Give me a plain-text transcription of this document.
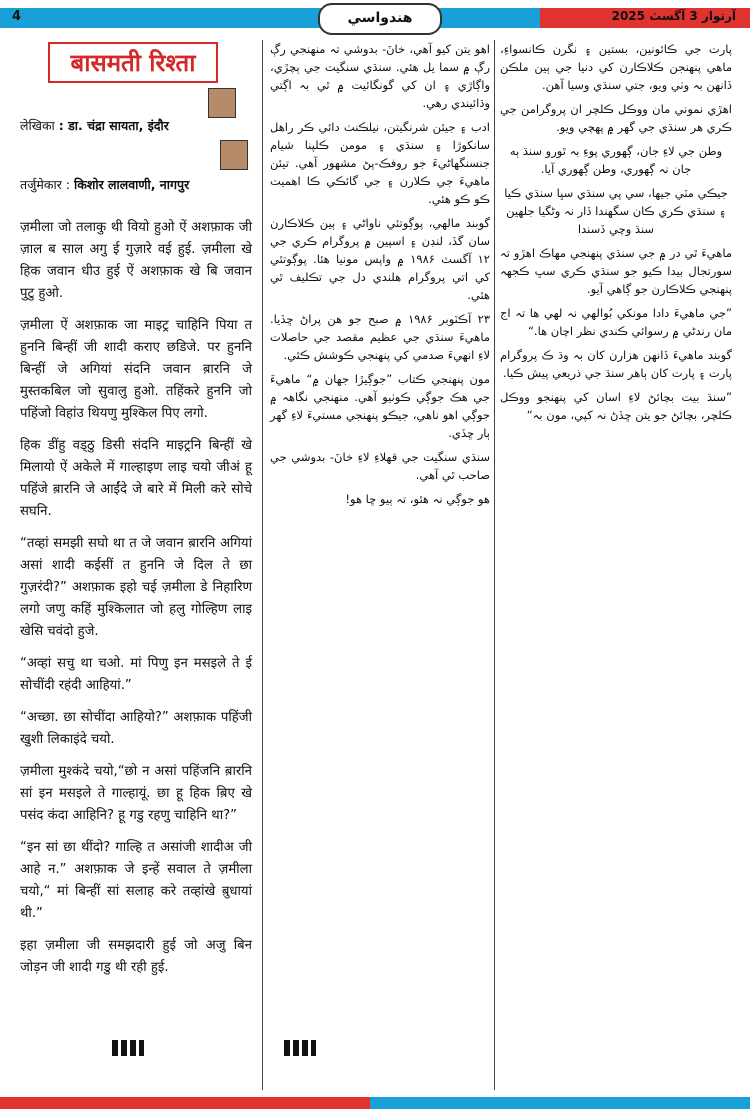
4	هندواسي	آرتوار 3 آگسٽ 2025
बासमती रिश्ता
लेखिका : डा. चंद्रा सायता, इंदौर
तर्जुमेकार : किशोर लालवाणी, नागपुर
ज़मीला जो तलाकु थी वियो हुओ ऐं अशफ़ाक जी ज़ाल ब साल अगु ई गुज़ारे वई हुई. ज़मीला खे हिक जवान धीउ हुई ऐं अशफ़ाक खे बि जवान पुटु हुओ.
ज़मीला ऐं अशफ़ाक जा माइट्र चाहिनि पिया त हुननि बिन्हीं जी शादी कराए छडिजे. पर हुननि बिन्हीं जे अगियां संदनि जवान ब़ारनि जे मुस्तकबिल जो सुवालु हुओ. तहिंकरे हुननि जो पहिंजो विहांउ थियणु मुश्किल पिए लगो.
हिक डींहु वड्ठु डिसी संदनि माइट्रनि बिन्हीं खे मिलायो ऐं अकेले में गाल्हाइण लाइ चयो जीअं हू पहिंजे ब़ारनि जे आईंदे जे बारे में मिली करे सोचे सघनि.
“तव्हां समझी सघो था त जे जवान ब़ारनि अगियां असां शादी कईसीं त हुननि जे दिल ते छा गुज़रंदी?” अशफ़ाक इहो चई ज़मीला डे निहारिण लगो जणु कहिं मुश्किलात जो हलु गोल्हिण लाइ खेसि चवंदो हुजे.
“अव्हां सचु था चओ. मां पिणु इन मसइले ते ई सोचींदी रहंदी आहियां.”
“अच्छा. छा सोचींदा आहियो?” अशफ़ाक पहिंजी खुशी लिकाइंदे चयो.
ज़मीला मुश्कंदे चयो,“छो न असां पहिंजनि ब़ारनि सां इन मसइले ते गाल्हायूं. छा हू हिक ब़िए खे पसंद कंदा आहिनि? हू गडु रहणु चाहिनि था?”
“इन सां छा थींदो? गाल्हि त असांजी शादीअ जी आहे न.” अशफ़ाक जे इन्हें सवाल ते ज़मीला चयो,“ मां बिन्हीं सां सलाह करे तव्हांखे ब़ुधायां थी.”
इहा ज़मीला जी समझदारी हुई जो अजु बिन जोड़न जी शादी गडु थी रही हुई.

اهو يتن كيو آهي، خانَ- بدوشي تہ منهنجي رڳ رڳ ۾ سما يل هئي. سنڌي سنگيت جي ٻچڙي، واڳاڙي ۽ ان کي گونگائيت ۾ ٿي بہ اڳتي وڌائيندي رهي.

ادب ۽ جيئن شرنگيتن، نيلڪنٺ دائي ڪر راهل سانکوڙا ۽ سنڌي ۽ مومن ڪلپنا شيام جنسنگهاڻيءَ جو روفڪ-پڻ مشهور آهي. تيئن ماهيءَ جي ڪلارن ۽ جي گائڪي ڪا اهميت ڪو ڪو هئي.

گوبند مالهي، پوڳوتئي ناواڻي ۽ ٻين ڪلاڪارن سان گڏ، لنڊن ۽ اسپين ۾ پروگرام ڪري جي ۱۲ آگسٽ ۱۹۸۶ ۾ واپس مونيا هئا. پوڳوتئي کي اتي پروگرام هلندي دل جي تڪليف ٿي هئي.

۲۳ آڪٽوبر ۱۹۸۶ ۾ صبح جو هن پراڻ ڇڏيا. ماهيءَ سنڌي جي عظيم مقصد جي حاصلات لاءِ انهيءَ صدمي کي پنهنجي ڪوشش ڪئي.

مون پنهنجي ڪتاب ”جوڳيڙا جهان ۾“ ماهيءَ جي هڪ جوڳي ڪوٺيو آهي. منهنجي نگاهہ ۾ جوڳي اهو ناهي، جيڪو پنهنجي مستيءَ لاءِ گهر ٻار ڇڏي.

سنڌي سنگيت جي قهلاءِ لاءِ خانَ- بدوشي جي صاحب ٿي آهي.

هو جوڳي نہ هئو، تہ ٻيو ڇا هو!

پارت جي ڪائونين، بستين ۽ نگرن ڪانسواءِ، ماهي پنهنجن ڪلاڪارن کي دنيا جي ٻين ملڪن ڏانهن بہ وٺي ويو، جتي سنڌي وسيا آهن.

اهڙي نموني مان ووڪل ڪلچر ان پروگرامن جي ڪري هر سنڌي جي گهر ۾ پهچي ويو.

وطن جي لاءِ جان، ڳهوري پوءِ بہ ٿورو سنڌ ٻه جان نہ ڳهوري، وطن ڳهوري آيا.

جيڪي مٽي جيها، سي پي سنڌي سڀا سنڌي ڪيا ۽ سنڌي ڪري ڪان سگهندا ڏار نہ وڻگيا جلهين سنڌ وچي ڏسندا

ماهيءَ ٿي در ۾ جي سنڌي پنهنجي مهاڪ اهڙو تہ سورتجال بيدا ڪيو جو سنڌي ڪري سڀ ڪجهہ پنهنجي ڪلاڪارن جو ڳاهي آيو.

”جي ماهيءَ دادا مونکي بُوالهي نہ لهي ها تہ اج مان رندڻي ۾ رسوائي ڪندي نظر اچان ها.“

گوبند ماهيءَ ڏانهن هزارن کان بہ وڌ ڪ پروگرام پارت ۽ پارت کان ٻاهر سنڌ جي ذريعي پيش ڪيا.

”سنڌ بيت بچائڻ لاءِ اسان کي پنهنجو ووڪل ڪلچر، بچائڻ جو يتن ڇڏڻ نہ کپي، مون بہ“
